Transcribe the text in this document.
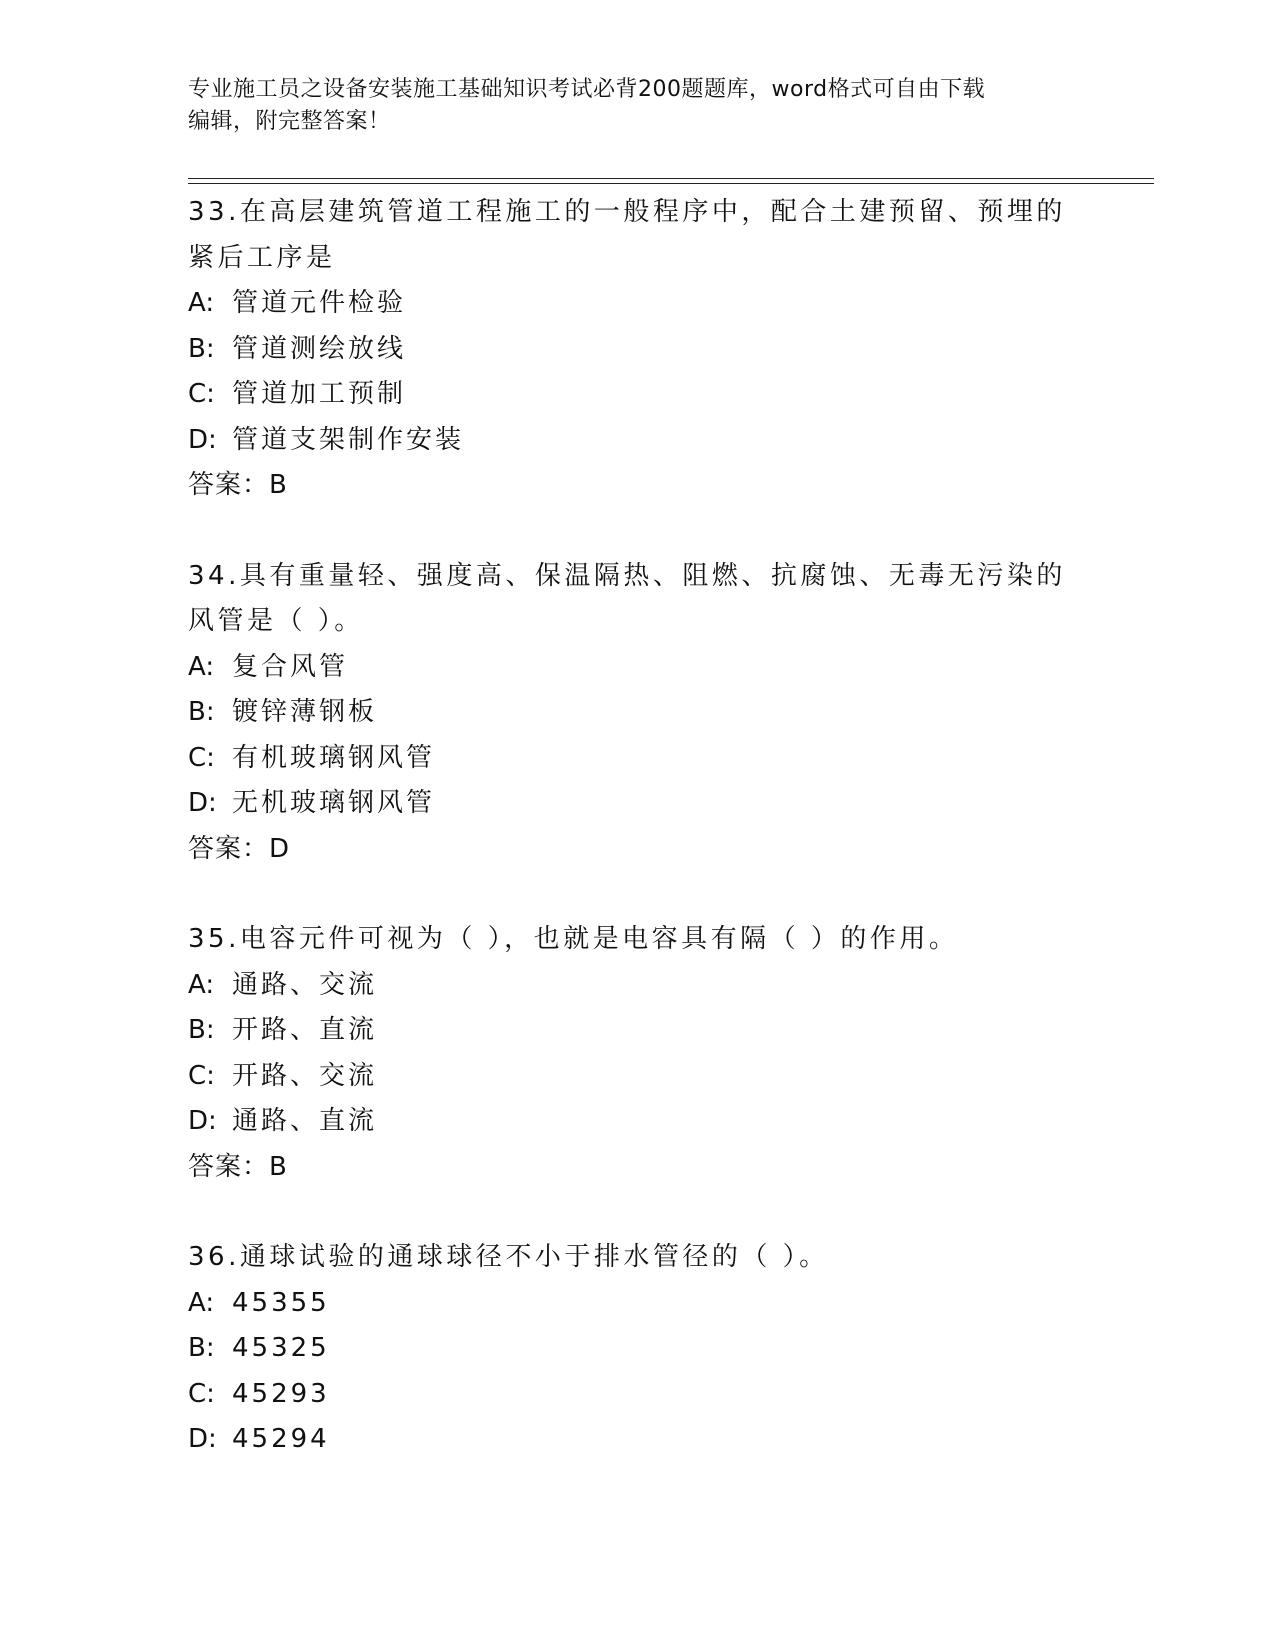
专业施工员之设备安装施工基础知识考试必背200题题库，word格式可自由下载
编辑，附完整答案！

33.在高层建筑管道工程施工的一般程序中，配合土建预留、预埋的紧后工序是

A: 管道元件检验

B: 管道测绘放线

C: 管道加工预制

D: 管道支架制作安装

答案：B

34.具有重量轻、强度高、保温隔热、阻燃、抗腐蚀、无毒无污染的风管是（ ）。

A: 复合风管

B: 镀锌薄钢板

C: 有机玻璃钢风管

D: 无机玻璃钢风管

答案：D

35.电容元件可视为（ ），也就是电容具有隔（ ）的作用。

A: 通路、交流

B: 开路、直流

C: 开路、交流

D: 通路、直流

答案：B

36.通球试验的通球球径不小于排水管径的（ ）。

A: 45355

B: 45325

C: 45293

D: 45294
